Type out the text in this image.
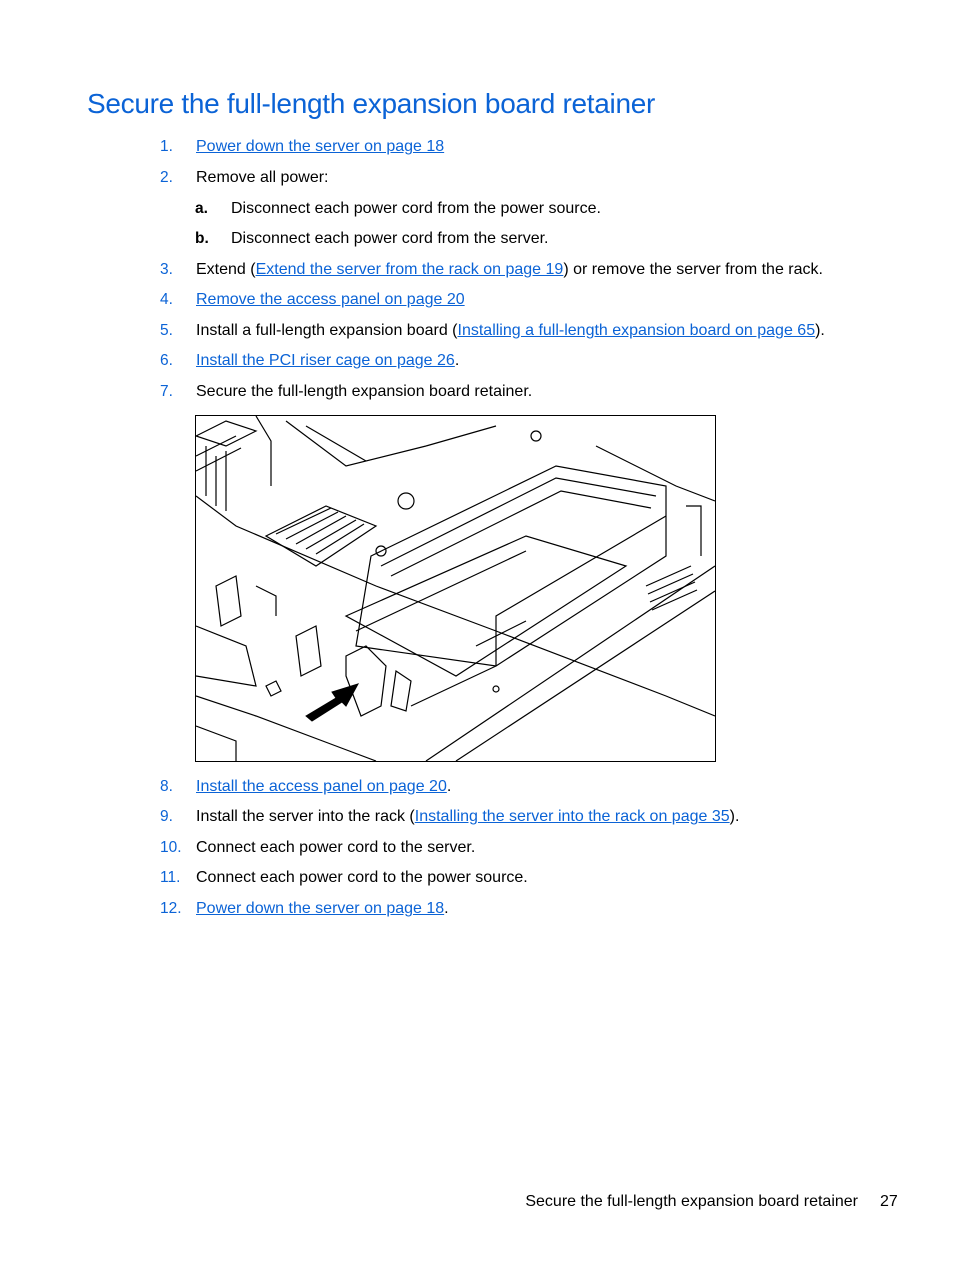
Secure the full-length expansion board retainer
1. Power down the server on page 18
2. Remove all power:
a. Disconnect each power cord from the power source.
b. Disconnect each power cord from the server.
3. Extend (Extend the server from the rack on page 19) or remove the server from the rack.
4. Remove the access panel on page 20
5. Install a full-length expansion board (Installing a full-length expansion board on page 65).
6. Install the PCI riser cage on page 26.
7. Secure the full-length expansion board retainer.
8. Install the access panel on page 20.
9. Install the server into the rack (Installing the server into the rack on page 35).
10. Connect each power cord to the server.
11. Connect each power cord to the power source.
12. Power down the server on page 18.
Secure the full-length expansion board retainer 27
